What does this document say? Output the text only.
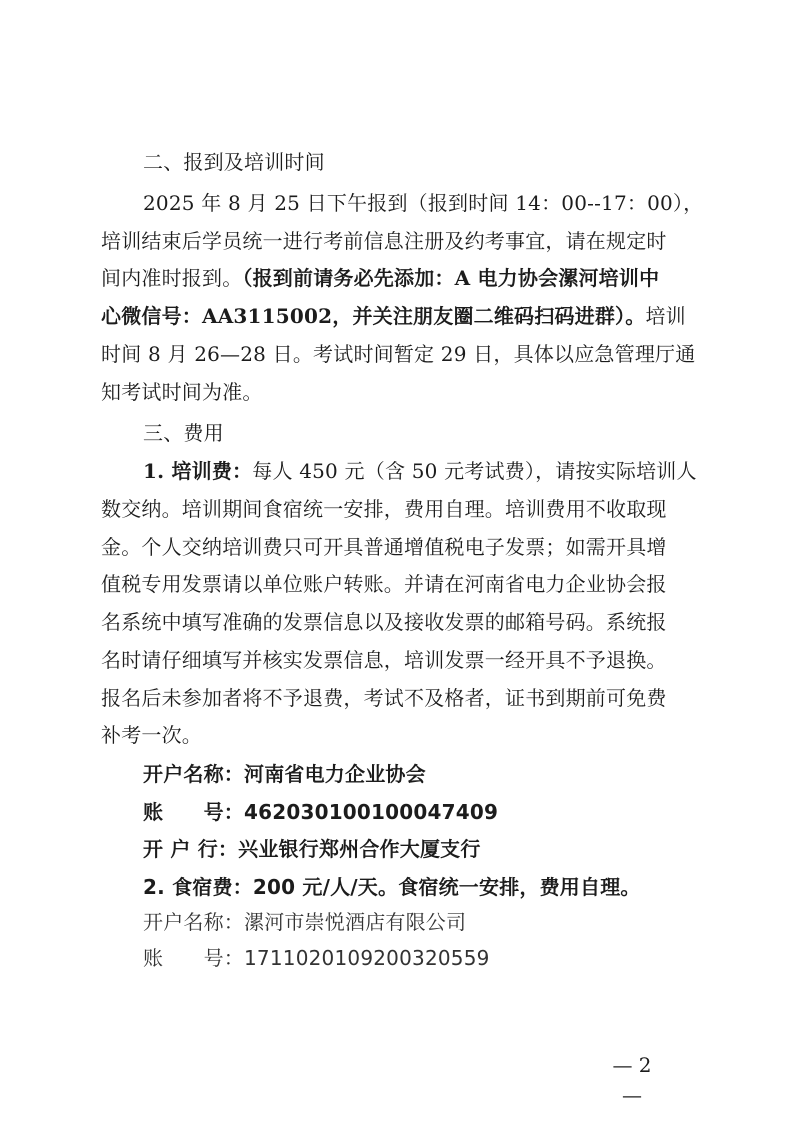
二、报到及培训时间
2025 年 8 月 25 日下午报到（报到时间 14：00--17：00），
培训结束后学员统一进行考前信息注册及约考事宜，请在规定时
间内准时报到。（报到前请务必先添加：A 电力协会漯河培训中
心微信号：AA3115002，并关注朋友圈二维码扫码进群）。培训
时间 8 月 26—28 日。考试时间暂定 29 日，具体以应急管理厅通
知考试时间为准。
三、费用
1. 培训费：每人 450 元（含 50 元考试费），请按实际培训人
数交纳。培训期间食宿统一安排，费用自理。培训费用不收取现
金。个人交纳培训费只可开具普通增值税电子发票；如需开具增
值税专用发票请以单位账户转账。并请在河南省电力企业协会报
名系统中填写准确的发票信息以及接收发票的邮箱号码。系统报
名时请仔细填写并核实发票信息，培训发票一经开具不予退换。
报名后未参加者将不予退费，考试不及格者，证书到期前可免费
补考一次。
开户名称：河南省电力企业协会
账　　号：462030100100047409
开 户 行：兴业银行郑州合作大厦支行
2. 食宿费：200 元/人/天。食宿统一安排，费用自理。
开户名称：漯河市崇悦酒店有限公司
账　　号：171102010920032055​9
— 2 —
